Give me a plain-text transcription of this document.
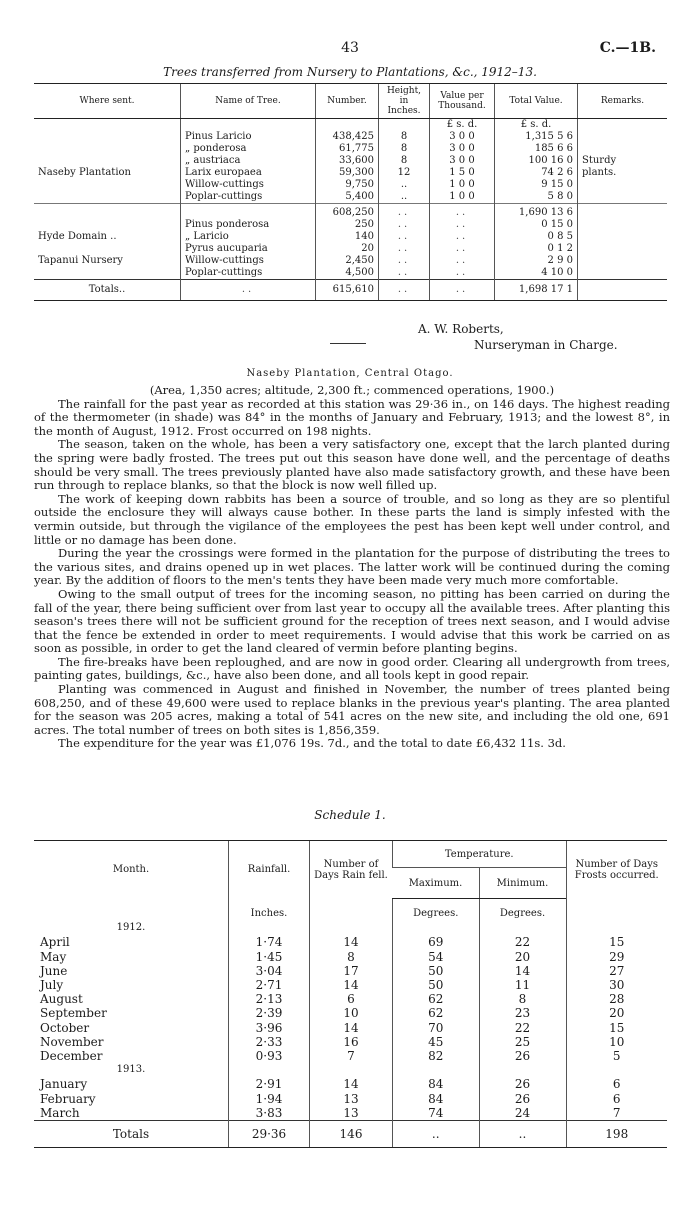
43	C.—1B.
Trees transferred from Nursery to Plantations, &c., 1912–13.
Where sent.	Name of Tree.	Number.	Height, in Inches.	Value per Thousand.	Total Value.	Remarks.
				£ s. d.	£ s. d.	
	Pinus Laricio	438,425	8	3 0 0	1,315 5 6	
	„ ponderosa	61,775	8	3 0 0	185 6 6	
	„ austriaca	33,600	8	3 0 0	100 16 0	Sturdy
Naseby Plantation	Larix europaea	59,300	12	1 5 0	74 2 6	plants.
	Willow-cuttings	9,750	..	1 0 0	9 15 0	
	Poplar-cuttings	5,400	..	1 0 0	5 8 0	
		608,250	..	..	1,690 13 6	
	Pinus ponderosa	250	..	..	0 15 0	
Hyde Domain ..	„ Laricio	140	..	..	0 8 5	
	Pyrus aucuparia	20	..	..	0 1 2	
Tapanui Nursery	Willow-cuttings	2,450	..	..	2 9 0	
	Poplar-cuttings	4,500	..	..	4 10 0	
Totals..	..	615,610	..	..	1,698 17 1	
A. W. Roberts,
Nurseryman in Charge.
Naseby Plantation, Central Otago.

(Area, 1,350 acres; altitude, 2,300 ft.; commenced operations, 1900.)

The rainfall for the past year as recorded at this station was 29·36 in., on 146 days. The highest reading of the thermometer (in shade) was 84° in the months of January and February, 1913; and the lowest 8°, in the month of August, 1912. Frost occurred on 198 nights.

The season, taken on the whole, has been a very satisfactory one, except that the larch planted during the spring were badly frosted. The trees put out this season have done well, and the percentage of deaths should be very small. The trees previously planted have also made satisfactory growth, and these have been run through to replace blanks, so that the block is now well filled up.

The work of keeping down rabbits has been a source of trouble, and so long as they are so plentiful outside the enclosure they will always cause bother. In these parts the land is simply infested with the vermin outside, but through the vigilance of the employees the pest has been kept well under control, and little or no damage has been done.

During the year the crossings were formed in the plantation for the purpose of distributing the trees to the various sites, and drains opened up in wet places. The latter work will be continued during the coming year. By the addition of floors to the men's tents they have been made very much more comfortable.

Owing to the small output of trees for the incoming season, no pitting has been carried on during the fall of the year, there being sufficient over from last year to occupy all the available trees. After planting this season's trees there will not be sufficient ground for the reception of trees next season, and I would advise that the fence be extended in order to meet requirements. I would advise that this work be carried on as soon as possible, in order to get the land cleared of vermin before planting begins.

The fire-breaks have been reploughed, and are now in good order. Clearing all undergrowth from trees, painting gates, buildings, &c., have also been done, and all tools kept in good repair.

Planting was commenced in August and finished in November, the number of trees planted being 608,250, and of these 49,600 were used to replace blanks in the previous year's planting. The area planted for the season was 205 acres, making a total of 541 acres on the new site, and including the old one, 691 acres. The total number of trees on both sites is 1,856,359.

The expenditure for the year was £1,076 19s. 7d., and the total to date £6,432 11s. 3d.

Schedule 1.
Month.	Rainfall.	Number of Days Rain fell.	Temperature.		Number of Days Frosts occurred.
			Maximum.	Minimum.	
	Inches.		Degrees.	Degrees.	
1912.					
April	1·74	14	69	22	15
May	1·45	8	54	20	29
June	3·04	17	50	14	27
July	2·71	14	50	11	30
August	2·13	6	62	8	28
September	2·39	10	62	23	20
October	3·96	14	70	22	15
November	2·33	16	45	25	10
December	0·93	7	82	26	5
1913.					
January	2·91	14	84	26	6
February	1·94	13	84	26	6
March	3·83	13	74	24	7
Totals	29·36	146	..	..	198
